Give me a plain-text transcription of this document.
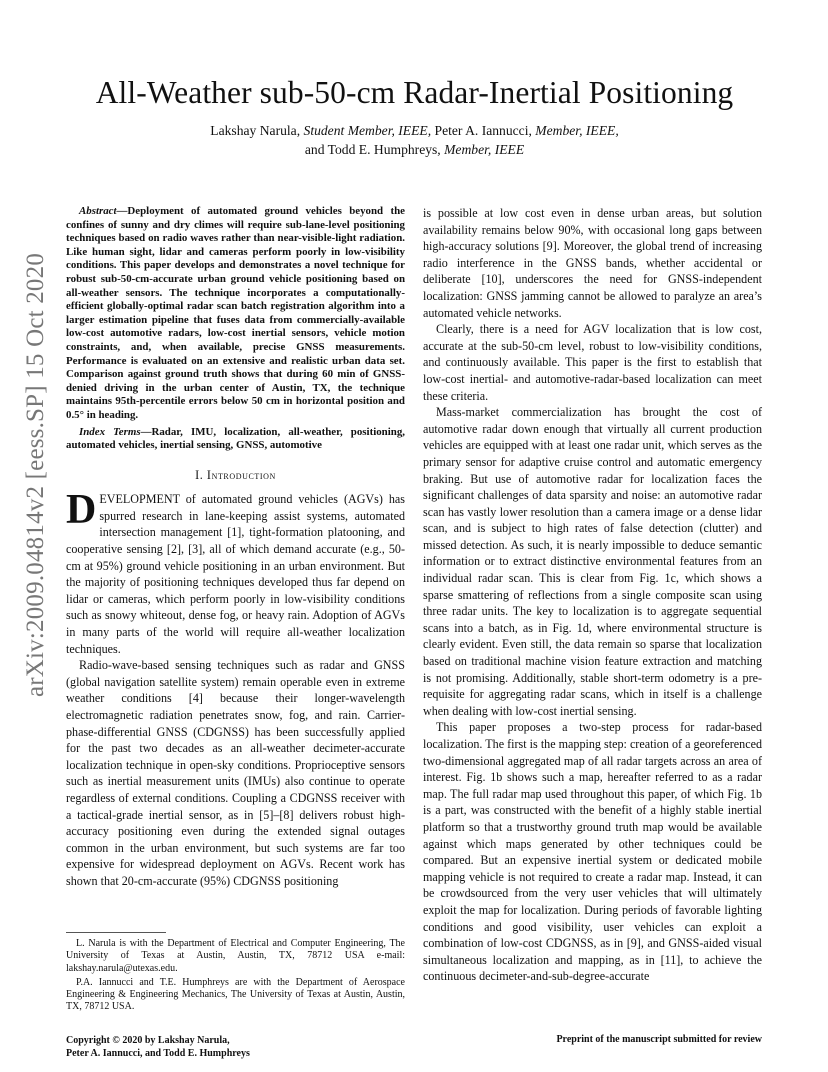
arXiv:2009.04814v2 [eess.SP] 15 Oct 2020
All-Weather sub-50-cm Radar-Inertial Positioning
Lakshay Narula, Student Member, IEEE, Peter A. Iannucci, Member, IEEE,
and Todd E. Humphreys, Member, IEEE

Abstract—Deployment of automated ground vehicles beyond the confines of sunny and dry climes will require sub-lane-level positioning techniques based on radio waves rather than near-visible-light radiation. Like human sight, lidar and cameras perform poorly in low-visibility conditions. This paper develops and demonstrates a novel technique for robust sub-50-cm-accurate urban ground vehicle positioning based on all-weather sensors. The technique incorporates a computationally-efficient globally-optimal radar scan batch registration algorithm into a larger estimation pipeline that fuses data from commercially-available low-cost automotive radars, low-cost inertial sensors, vehicle motion constraints, and, when available, precise GNSS measurements. Performance is evaluated on an extensive and realistic urban data set. Comparison against ground truth shows that during 60 min of GNSS-denied driving in the urban center of Austin, TX, the technique maintains 95th-percentile errors below 50 cm in horizontal position and 0.5° in heading.

Index Terms—Radar, IMU, localization, all-weather, positioning, automated vehicles, inertial sensing, GNSS, automotive

I. Introduction

DEVELOPMENT of automated ground vehicles (AGVs) has spurred research in lane-keeping assist systems, automated intersection management [1], tight-formation platooning, and cooperative sensing [2], [3], all of which demand accurate (e.g., 50-cm at 95%) ground vehicle positioning in an urban environment. But the majority of positioning techniques developed thus far depend on lidar or cameras, which perform poorly in low-visibility conditions such as snowy whiteout, dense fog, or heavy rain. Adoption of AGVs in many parts of the world will require all-weather localization techniques.

Radio-wave-based sensing techniques such as radar and GNSS (global navigation satellite system) remain operable even in extreme weather conditions [4] because their longer-wavelength electromagnetic radiation penetrates snow, fog, and rain. Carrier-phase-differential GNSS (CDGNSS) has been successfully applied for the past two decades as an all-weather decimeter-accurate localization technique in open-sky conditions. Proprioceptive sensors such as inertial measurement units (IMUs) also continue to operate regardless of external conditions. Coupling a CDGNSS receiver with a tactical-grade inertial sensor, as in [5]–[8] delivers robust high-accuracy positioning even during the extended signal outages common in the urban environment, but such systems are far too expensive for widespread deployment on AGVs. Recent work has shown that 20-cm-accurate (95%) CDGNSS positioning

is possible at low cost even in dense urban areas, but solution availability remains below 90%, with occasional long gaps between high-accuracy solutions [9]. Moreover, the global trend of increasing radio interference in the GNSS bands, whether accidental or deliberate [10], underscores the need for GNSS-independent localization: GNSS jamming cannot be allowed to paralyze an area’s automated vehicle networks.

Clearly, there is a need for AGV localization that is low cost, accurate at the sub-50-cm level, robust to low-visibility conditions, and continuously available. This paper is the first to establish that low-cost inertial- and automotive-radar-based localization can meet these criteria.

Mass-market commercialization has brought the cost of automotive radar down enough that virtually all current production vehicles are equipped with at least one radar unit, which serves as the primary sensor for adaptive cruise control and automatic emergency braking. But use of automotive radar for localization faces the significant challenges of data sparsity and noise: an automotive radar scan has vastly lower resolution than a camera image or a dense lidar scan, and is subject to high rates of false detection (clutter) and missed detection. As such, it is nearly impossible to deduce semantic information or to extract distinctive environmental features from an individual radar scan. This is clear from Fig. 1c, which shows a sparse smattering of reflections from a single composite scan using three radar units. The key to localization is to aggregate sequential scans into a batch, as in Fig. 1d, where environmental structure is clearly evident. Even still, the data remain so sparse that localization based on traditional machine vision feature extraction and matching is not promising. Additionally, stable short-term odometry is a pre-requisite for aggregating radar scans, which in itself is a challenge when dealing with low-cost inertial sensing.

This paper proposes a two-step process for radar-based localization. The first is the mapping step: creation of a georeferenced two-dimensional aggregated map of all radar targets across an area of interest. Fig. 1b shows such a map, hereafter referred to as a radar map. The full radar map used throughout this paper, of which Fig. 1b is a part, was constructed with the benefit of a highly stable inertial platform so that a trustworthy ground truth map would be available against which maps generated by other techniques could be compared. But an expensive inertial system or dedicated mobile mapping vehicle is not required to create a radar map. Instead, it can be crowdsourced from the very user vehicles that will ultimately exploit the map for localization. During periods of favorable lighting conditions and good visibility, user vehicles can exploit a combination of low-cost CDGNSS, as in [9], and GNSS-aided visual simultaneous localization and mapping, as in [11], to achieve the continuous decimeter-and-sub-degree-accurate

L. Narula is with the Department of Electrical and Computer Engineering, The University of Texas at Austin, Austin, TX, 78712 USA e-mail: lakshay.narula@utexas.edu.

P.A. Iannucci and T.E. Humphreys are with the Department of Aerospace Engineering & Engineering Mechanics, The University of Texas at Austin, Austin, TX, 78712 USA.

Copyright © 2020 by Lakshay Narula,
Peter A. Iannucci, and Todd E. Humphreys
Preprint of the manuscript submitted for review
